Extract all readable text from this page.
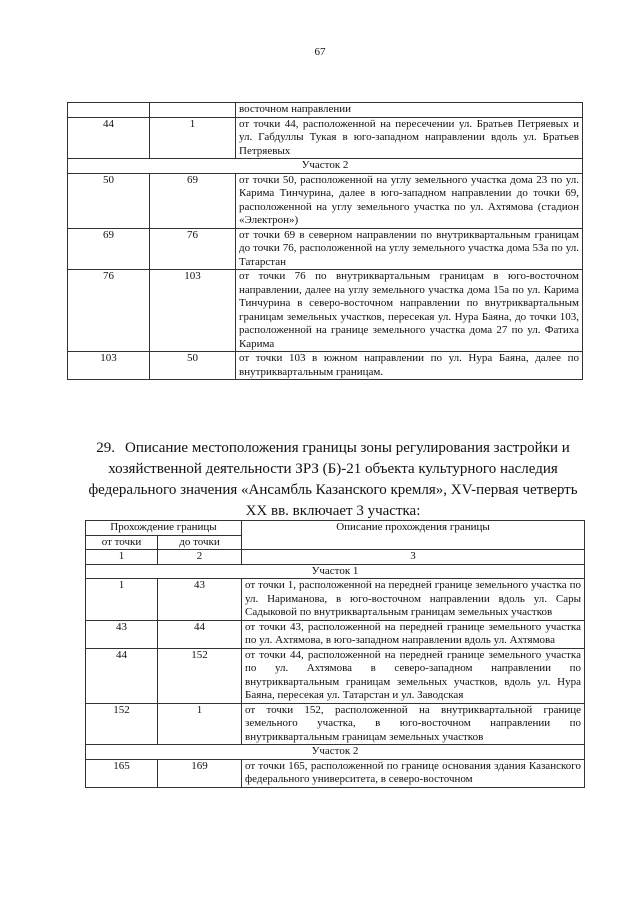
67
		восточном направлении
44	1	от точки 44, расположенной на пересечении ул. Братьев Петряевых и ул. Габдуллы Тукая в юго-западном направлении вдоль ул. Братьев Петряевых
Участок 2		
50	69	от точки 50, расположенной на углу земельного участка дома 23 по ул. Карима Тинчурина, далее в юго-западном направлении до точки 69, расположенной на углу земельного участка по ул. Ахтямова (стадион «Электрон»)
69	76	от точки 69 в северном направлении по внутриквартальным границам до точки 76, расположенной на углу земельного участка дома 53а по ул. Татарстан
76	103	от точки 76 по внутриквартальным границам в юго-восточном направлении, далее на углу земельного участка дома 15а по ул. Карима Тинчурина в северо-восточном направлении по внутриквартальным границам земельных участков, пересекая ул. Нура Баяна, до точки 103, расположенной на границе земельного участка дома 27 по ул. Фатиха Карима
103	50	от точки 103 в южном направлении по ул. Нура Баяна, далее по внутриквартальным границам.
29. Описание местоположения границы зоны регулирования застройки и хозяйственной деятельности ЗРЗ (Б)-21 объекта культурного наследия федерального значения «Ансамбль Казанского кремля», XV-первая четверть XX вв. включает 3 участка:
Прохождение границы		Описание прохождения границы
от точки	до точки	
1	2	3
Участок 1		
1	43	от точки 1, расположенной на передней границе земельного участка по ул. Нариманова, в юго-восточном направлении вдоль ул. Сары Садыковой по внутриквартальным границам земельных участков
43	44	от точки 43, расположенной на передней границе земельного участка по ул. Ахтямова, в юго-западном направлении вдоль ул. Ахтямова
44	152	от точки 44, расположенной на передней границе земельного участка по ул. Ахтямова в северо-западном направлении по внутриквартальным границам земельных участков, вдоль ул. Нура Баяна, пересекая ул. Татарстан и ул. Заводская
152	1	от точки 152, расположенной на внутриквартальной границе земельного участка, в юго-восточном направлении по внутриквартальным границам земельных участков
Участок 2		
165	169	от точки 165, расположенной по границе основания здания Казанского федерального университета, в северо-восточном
